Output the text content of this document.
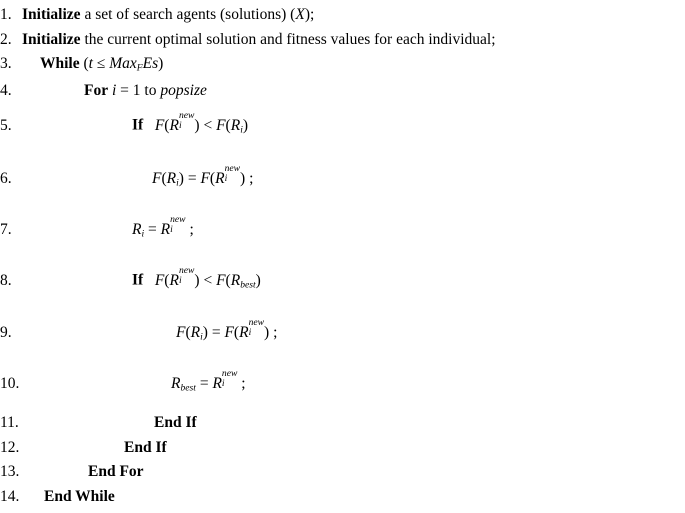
1. Initialize a set of search agents (solutions) (X);
2. Initialize the current optimal solution and fitness values for each individual;
3.	While (t ≤ Max$_F$Es)
4.	For i = 1 to popsize
5.	If F(R
new
i ) < $F(R_i)$
6.	$F(R_i) = F(R$
new
i ) ;
7.	$R_i = R$
new
i	;
8.	If F(R
new
i ) < $F(R_{best})$
9.	$F(R_i) = F(R$
new
i ) ;
10.	$R_{best} = R$
new
i	;
11.	End If
12.	End If
13.	End For
14.	End While
